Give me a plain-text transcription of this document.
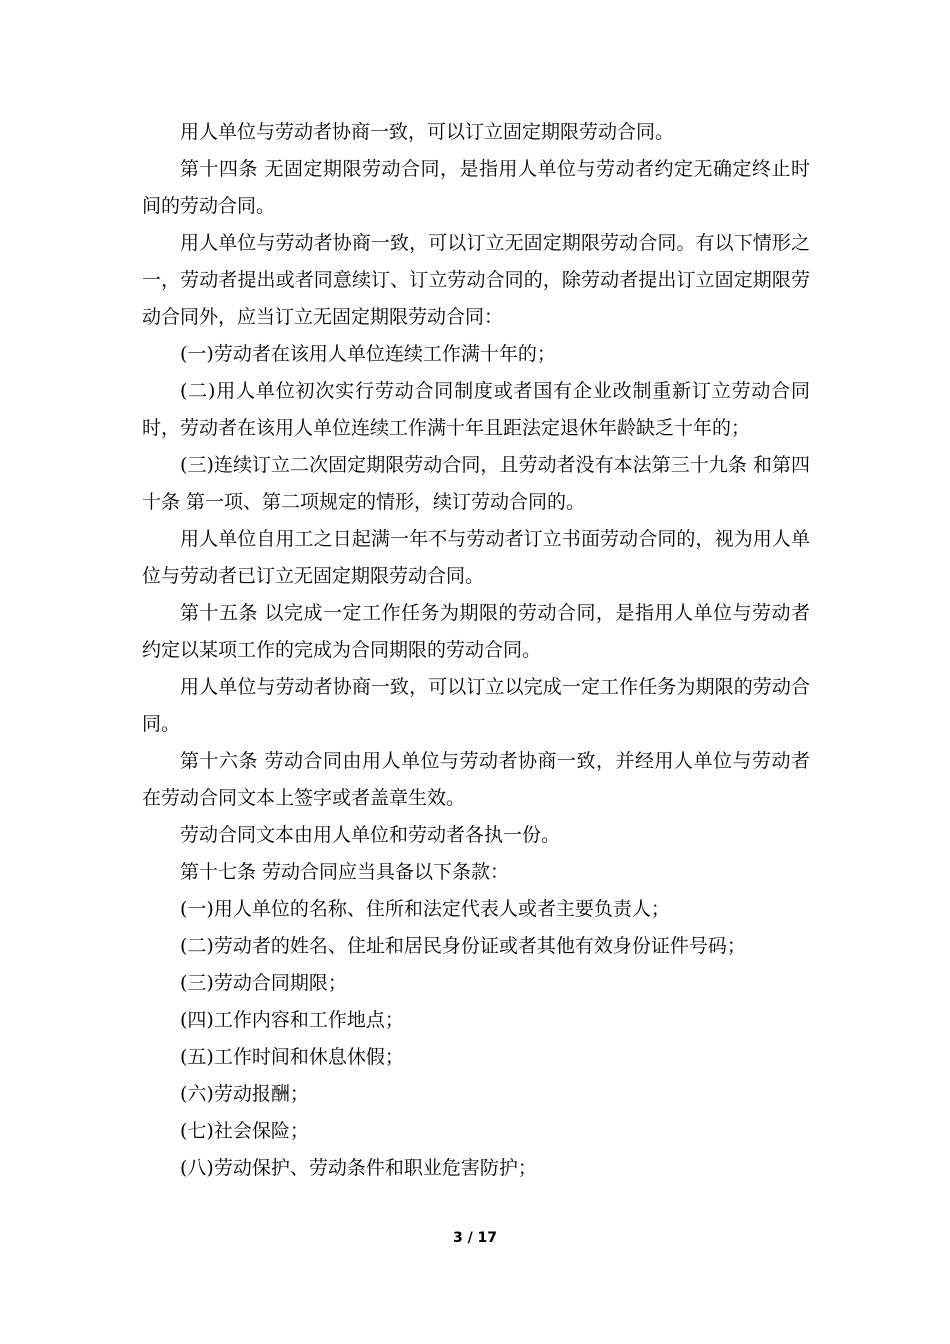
用人单位与劳动者协商一致，可以订立固定期限劳动合同。

第十四条 无固定期限劳动合同，是指用人单位与劳动者约定无确定终止时间的劳动合同。

用人单位与劳动者协商一致，可以订立无固定期限劳动合同。有以下情形之一，劳动者提出或者同意续订、订立劳动合同的，除劳动者提出订立固定期限劳动合同外，应当订立无固定期限劳动合同：

(一)劳动者在该用人单位连续工作满十年的；

(二)用人单位初次实行劳动合同制度或者国有企业改制重新订立劳动合同时，劳动者在该用人单位连续工作满十年且距法定退休年龄缺乏十年的；

(三)连续订立二次固定期限劳动合同，且劳动者没有本法第三十九条 和第四十条 第一项、第二项规定的情形，续订劳动合同的。

用人单位自用工之日起满一年不与劳动者订立书面劳动合同的，视为用人单位与劳动者已订立无固定期限劳动合同。

第十五条 以完成一定工作任务为期限的劳动合同，是指用人单位与劳动者约定以某项工作的完成为合同期限的劳动合同。

用人单位与劳动者协商一致，可以订立以完成一定工作任务为期限的劳动合同。

第十六条 劳动合同由用人单位与劳动者协商一致，并经用人单位与劳动者在劳动合同文本上签字或者盖章生效。

劳动合同文本由用人单位和劳动者各执一份。

第十七条 劳动合同应当具备以下条款：

(一)用人单位的名称、住所和法定代表人或者主要负责人；

(二)劳动者的姓名、住址和居民身份证或者其他有效身份证件号码；

(三)劳动合同期限；

(四)工作内容和工作地点；

(五)工作时间和休息休假；

(六)劳动报酬；

(七)社会保险；

(八)劳动保护、劳动条件和职业危害防护；

3 / 17
